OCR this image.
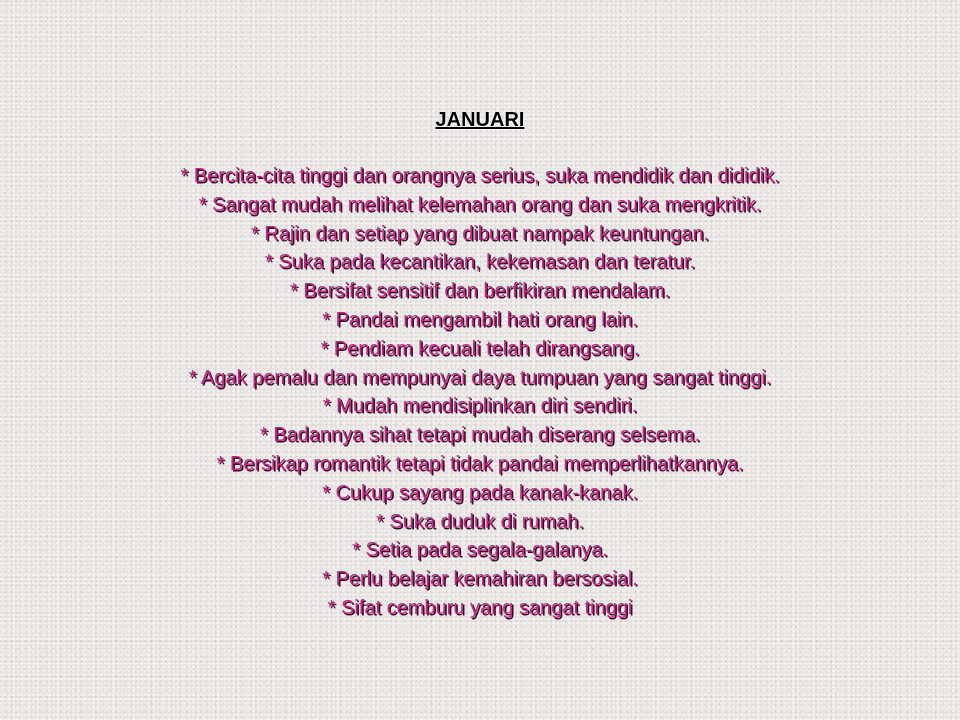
JANUARI
* Bercita-cita tinggi dan orangnya serius, suka mendidik dan dididik.
* Sangat mudah melihat kelemahan orang dan suka mengkritik.
* Rajin dan setiap yang dibuat nampak keuntungan.
* Suka pada kecantikan, kekemasan dan teratur.
* Bersifat sensitif dan berfikiran mendalam.
* Pandai mengambil hati orang lain.
* Pendiam kecuali telah dirangsang.
* Agak pemalu dan mempunyai daya tumpuan yang sangat tinggi.
* Mudah mendisiplinkan diri sendiri.
* Badannya sihat tetapi mudah diserang selsema.
* Bersikap romantik tetapi tidak pandai memperlihatkannya.
* Cukup sayang pada kanak-kanak.
* Suka duduk di rumah.
* Setia pada segala-galanya.
* Perlu belajar kemahiran bersosial.
* Sifat cemburu yang sangat tinggi
